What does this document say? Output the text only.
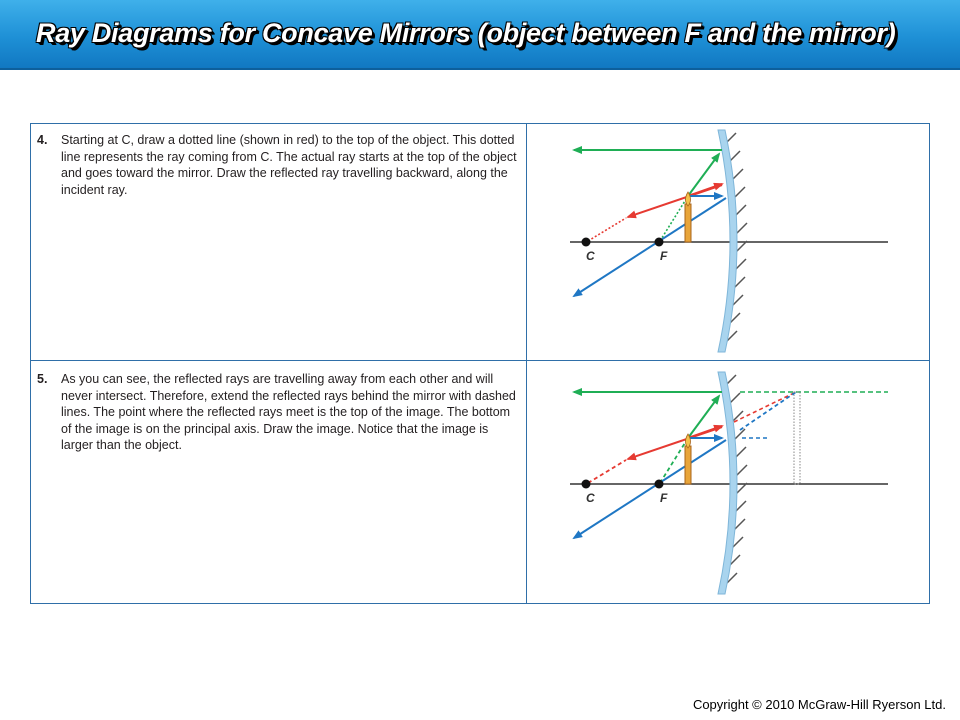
Ray Diagrams for Concave Mirrors (object between F and the mirror)
4. Starting at C, draw a dotted line (shown in red) to the top of the object. This dotted line represents the ray coming from C. The actual ray starts at the top of the object and goes toward the mirror. Draw the reflected ray travelling backward, along the incident ray.
5. As you can see, the reflected rays are travelling away from each other and will never intersect. Therefore, extend the reflected rays behind the mirror with dashed lines. The point where the reflected rays meet is the top of the image. The bottom of the image is on the principal axis. Draw the image. Notice that the image is larger than the object.
C	F
C	F
Copyright © 2010 McGraw-Hill Ryerson Ltd.
